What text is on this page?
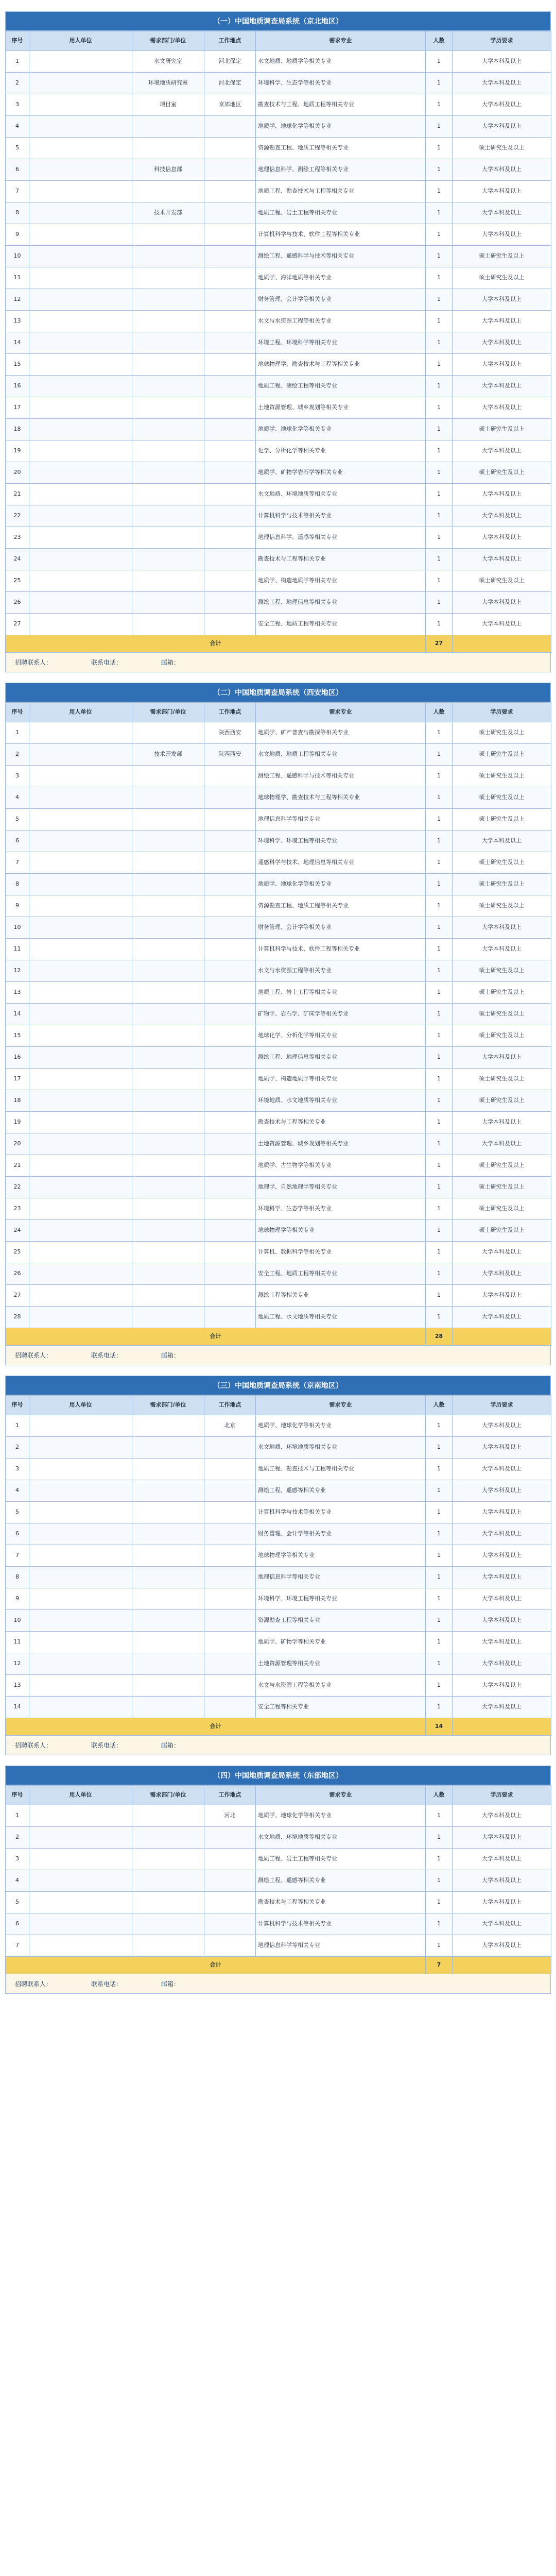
（一）中国地质调查局系统（京北地区）
序号	用人单位	需求部门/单位	工作地点	需求专业	人数	学历要求
1		水文研究室	河北保定	水文地质、地质学等相关专业	1	大学本科及以上
2		环境地质研究室	河北保定	环境科学、生态学等相关专业	1	大学本科及以上
3		项目室	京郊地区	勘查技术与工程、地质工程等相关专业	1	大学本科及以上
4				地质学、地球化学等相关专业	1	大学本科及以上
5				资源勘查工程、地质工程等相关专业	1	硕士研究生及以上
6		科技信息部		地理信息科学、测绘工程等相关专业	1	大学本科及以上
7				地质工程、勘查技术与工程等相关专业	1	大学本科及以上
8		技术开发部		地质工程、岩土工程等相关专业	1	大学本科及以上
9				计算机科学与技术、软件工程等相关专业	1	大学本科及以上
10				测绘工程、遥感科学与技术等相关专业	1	硕士研究生及以上
11				地质学、海洋地质等相关专业	1	硕士研究生及以上
12				财务管理、会计学等相关专业	1	大学本科及以上
13				水文与水资源工程等相关专业	1	大学本科及以上
14				环境工程、环境科学等相关专业	1	大学本科及以上
15				地球物理学、勘查技术与工程等相关专业	1	大学本科及以上
16				地质工程、测绘工程等相关专业	1	大学本科及以上
17				土地资源管理、城乡规划等相关专业	1	大学本科及以上
18				地质学、地球化学等相关专业	1	硕士研究生及以上
19				化学、分析化学等相关专业	1	大学本科及以上
20				地质学、矿物学岩石学等相关专业	1	硕士研究生及以上
21				水文地质、环境地质等相关专业	1	大学本科及以上
22				计算机科学与技术等相关专业	1	大学本科及以上
23				地理信息科学、遥感等相关专业	1	大学本科及以上
24				勘查技术与工程等相关专业	1	大学本科及以上
25				地质学、构造地质学等相关专业	1	硕士研究生及以上
26				测绘工程、地理信息等相关专业	1	大学本科及以上
27				安全工程、地质工程等相关专业	1	大学本科及以上
合计					27	
招聘联系人：	联系电话：	邮箱：
（二）中国地质调查局系统（西安地区）
序号	用人单位	需求部门/单位	工作地点	需求专业	人数	学历要求
1			陕西西安	地质学、矿产普查与勘探等相关专业	1	硕士研究生及以上
2		技术开发部	陕西西安	水文地质、地质工程等相关专业	1	硕士研究生及以上
3				测绘工程、遥感科学与技术等相关专业	1	硕士研究生及以上
4				地球物理学、勘查技术与工程等相关专业	1	硕士研究生及以上
5				地理信息科学等相关专业	1	硕士研究生及以上
6				环境科学、环境工程等相关专业	1	大学本科及以上
7				遥感科学与技术、地理信息等相关专业	1	硕士研究生及以上
8				地质学、地球化学等相关专业	1	硕士研究生及以上
9				资源勘查工程、地质工程等相关专业	1	硕士研究生及以上
10				财务管理、会计学等相关专业	1	大学本科及以上
11				计算机科学与技术、软件工程等相关专业	1	大学本科及以上
12				水文与水资源工程等相关专业	1	硕士研究生及以上
13				地质工程、岩土工程等相关专业	1	硕士研究生及以上
14				矿物学、岩石学、矿床学等相关专业	1	硕士研究生及以上
15				地球化学、分析化学等相关专业	1	硕士研究生及以上
16				测绘工程、地理信息等相关专业	1	大学本科及以上
17				地质学、构造地质学等相关专业	1	硕士研究生及以上
18				环境地质、水文地质等相关专业	1	硕士研究生及以上
19				勘查技术与工程等相关专业	1	大学本科及以上
20				土地资源管理、城乡规划等相关专业	1	大学本科及以上
21				地质学、古生物学等相关专业	1	硕士研究生及以上
22				地理学、自然地理学等相关专业	1	硕士研究生及以上
23				环境科学、生态学等相关专业	1	硕士研究生及以上
24				地球物理学等相关专业	1	硕士研究生及以上
25				计算机、数据科学等相关专业	1	大学本科及以上
26				安全工程、地质工程等相关专业	1	大学本科及以上
27				测绘工程等相关专业	1	大学本科及以上
28				地质工程、水文地质等相关专业	1	大学本科及以上
合计					28	
招聘联系人：	联系电话：	邮箱：
（三）中国地质调查局系统（京南地区）
序号	用人单位	需求部门/单位	工作地点	需求专业	人数	学历要求
1			北京	地质学、地球化学等相关专业	1	大学本科及以上
2				水文地质、环境地质等相关专业	1	大学本科及以上
3				地质工程、勘查技术与工程等相关专业	1	大学本科及以上
4				测绘工程、遥感等相关专业	1	大学本科及以上
5				计算机科学与技术等相关专业	1	大学本科及以上
6				财务管理、会计学等相关专业	1	大学本科及以上
7				地球物理学等相关专业	1	大学本科及以上
8				地理信息科学等相关专业	1	大学本科及以上
9				环境科学、环境工程等相关专业	1	大学本科及以上
10				资源勘查工程等相关专业	1	大学本科及以上
11				地质学、矿物学等相关专业	1	大学本科及以上
12				土地资源管理等相关专业	1	大学本科及以上
13				水文与水资源工程等相关专业	1	大学本科及以上
14				安全工程等相关专业	1	大学本科及以上
合计					14	
招聘联系人：	联系电话：	邮箱：
（四）中国地质调查局系统（东部地区）
序号	用人单位	需求部门/单位	工作地点	需求专业	人数	学历要求
1			河北	地质学、地球化学等相关专业	1	大学本科及以上
2				水文地质、环境地质等相关专业	1	大学本科及以上
3				地质工程、岩土工程等相关专业	1	大学本科及以上
4				测绘工程、遥感等相关专业	1	大学本科及以上
5				勘查技术与工程等相关专业	1	大学本科及以上
6				计算机科学与技术等相关专业	1	大学本科及以上
7				地理信息科学等相关专业	1	大学本科及以上
合计					7	
招聘联系人：	联系电话：	邮箱：
